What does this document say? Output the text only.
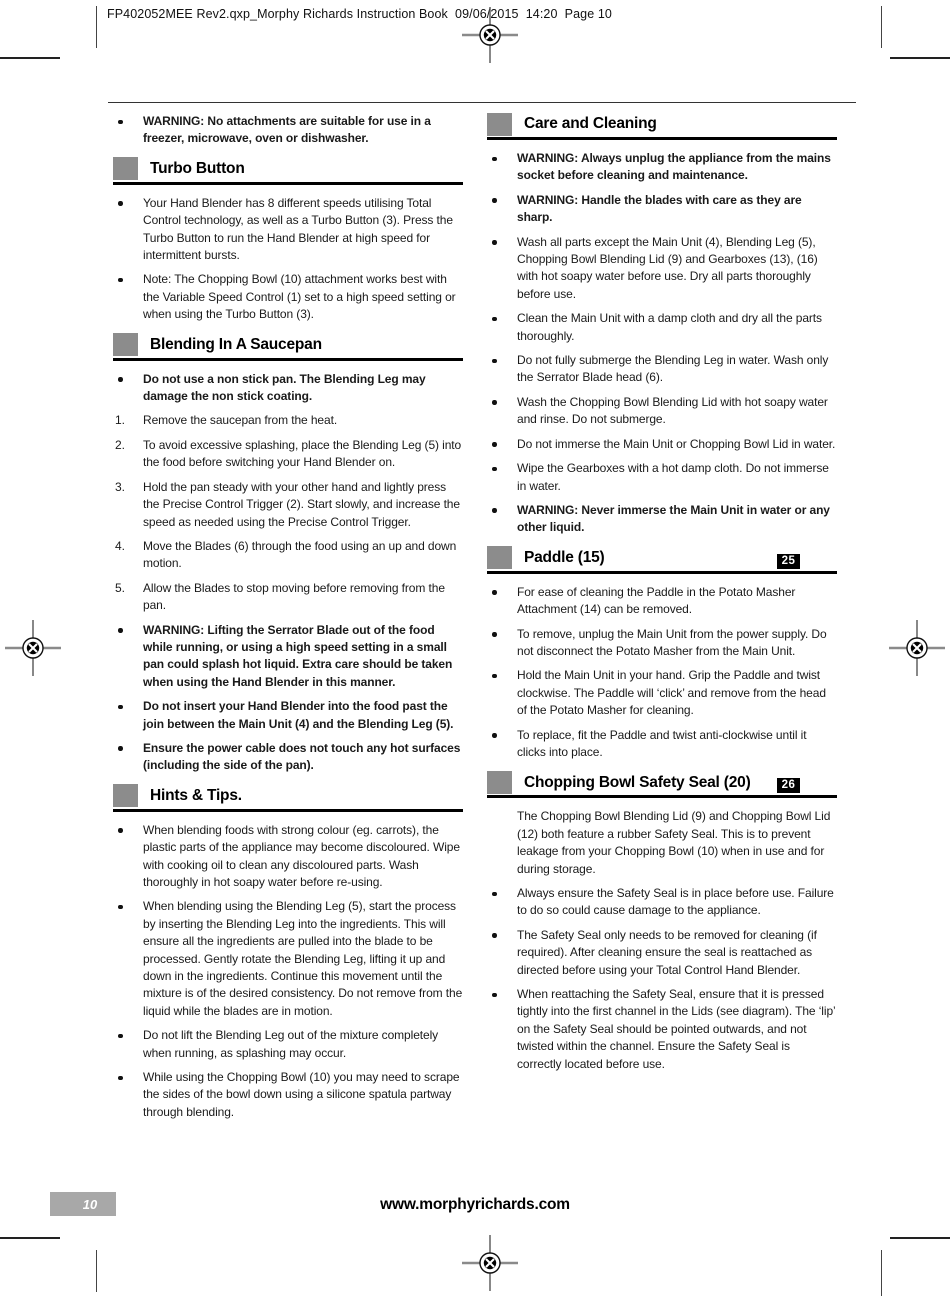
FP402052MEE Rev2.qxp_Morphy Richards Instruction Book  09/06/2015  14:20  Page 10
WARNING: No attachments are suitable for use in a freezer, microwave, oven or dishwasher.
Turbo Button
Your Hand Blender has 8 different speeds utilising Total Control technology, as well as a Turbo Button (3). Press the Turbo Button to run the Hand Blender at high speed for intermittent bursts.
Note: The Chopping Bowl (10) attachment works best with the Variable Speed Control (1) set to a high speed setting or when using the Turbo Button (3).
Blending In A Saucepan
Do not use a non stick pan. The Blending Leg may damage the non stick coating.
1. Remove the saucepan from the heat.
2. To avoid excessive splashing, place the Blending Leg (5) into the food before switching your Hand Blender on.
3. Hold the pan steady with your other hand and lightly press the Precise Control Trigger (2). Start slowly, and increase the speed as needed using the Precise Control Trigger.
4. Move the Blades (6) through the food using an up and down motion.
5. Allow the Blades to stop moving before removing from the pan.
WARNING: Lifting the Serrator Blade out of the food while running, or using a high speed setting in a small pan could splash hot liquid. Extra care should be taken when using the Hand Blender in this manner.
Do not insert your Hand Blender into the food past the join between the Main Unit (4) and the Blending Leg (5).
Ensure the power cable does not touch any hot surfaces (including the side of the pan).
Hints & Tips.
When blending foods with strong colour (eg. carrots), the plastic parts of the appliance may become discoloured. Wipe with cooking oil to clean any discoloured parts. Wash thoroughly in hot soapy water before re-using.
When blending using the Blending Leg (5), start the process by inserting the Blending Leg into the ingredients. This will ensure all the ingredients are pulled into the blade to be processed. Gently rotate the Blending Leg, lifting it up and down in the ingredients. Continue this movement until the mixture is of the desired consistency. Do not remove from the liquid while the blades are in motion.
Do not lift the Blending Leg out of the mixture completely when running, as splashing may occur.
While using the Chopping Bowl (10) you may need to scrape the sides of the bowl down using a silicone spatula partway through blending.
Care and Cleaning
WARNING: Always unplug the appliance from the mains socket before cleaning and maintenance.
WARNING: Handle the blades with care as they are sharp.
Wash all parts except the Main Unit (4), Blending Leg (5), Chopping Bowl Blending Lid (9) and Gearboxes (13), (16) with hot soapy water before use. Dry all parts thoroughly before use.
Clean the Main Unit with a damp cloth and dry all the parts thoroughly.
Do not fully submerge the Blending Leg in water. Wash only the Serrator Blade head (6).
Wash the Chopping Bowl Blending Lid with hot soapy water and rinse. Do not submerge.
Do not immerse the Main Unit or Chopping Bowl Lid in water.
Wipe the Gearboxes with a hot damp cloth. Do not immerse in water.
WARNING: Never immerse the Main Unit in water or any other liquid.
Paddle (15)	25
For ease of cleaning the Paddle in the Potato Masher Attachment (14) can be removed.
To remove, unplug the Main Unit from the power supply. Do not disconnect the Potato Masher from the Main Unit.
Hold the Main Unit in your hand. Grip the Paddle and twist clockwise. The Paddle will ‘click’ and remove from the head of the Potato Masher for cleaning.
To replace, fit the Paddle and twist anti-clockwise until it clicks into place.
Chopping Bowl Safety Seal (20)	26
The Chopping Bowl Blending Lid (9) and Chopping Bowl Lid (12) both feature a rubber Safety Seal. This is to prevent leakage from your Chopping Bowl (10) when in use and for during storage.
Always ensure the Safety Seal is in place before use. Failure to do so could cause damage to the appliance.
The Safety Seal only needs to be removed for cleaning (if required). After cleaning ensure the seal is reattached as directed before using your Total Control Hand Blender.
When reattaching the Safety Seal, ensure that it is pressed tightly into the first channel in the Lids (see diagram). The ‘lip’ on the Safety Seal should be pointed outwards, and not twisted within the channel. Ensure the Safety Seal is correctly located before use.
10	www.morphyrichards.com
